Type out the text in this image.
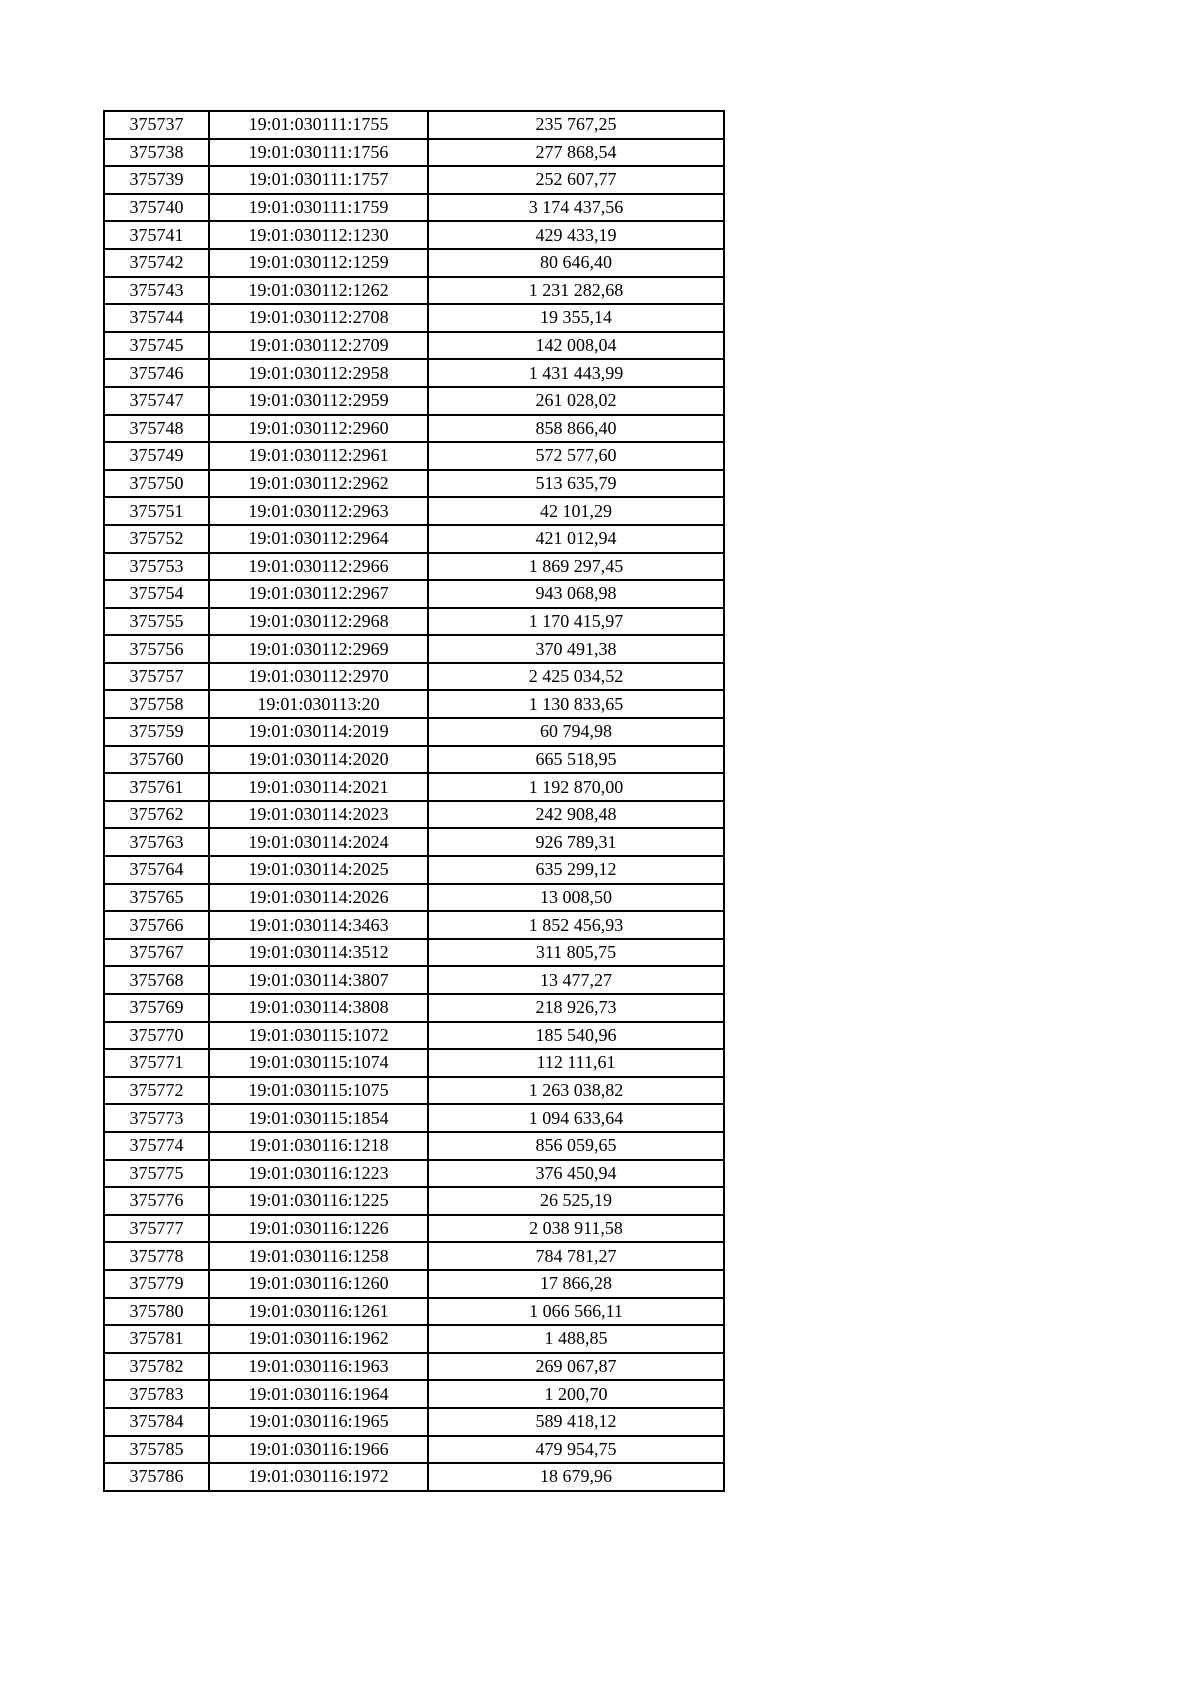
375737	19:01:030111:1755	235 767,25
375738	19:01:030111:1756	277 868,54
375739	19:01:030111:1757	252 607,77
375740	19:01:030111:1759	3 174 437,56
375741	19:01:030112:1230	429 433,19
375742	19:01:030112:1259	80 646,40
375743	19:01:030112:1262	1 231 282,68
375744	19:01:030112:2708	19 355,14
375745	19:01:030112:2709	142 008,04
375746	19:01:030112:2958	1 431 443,99
375747	19:01:030112:2959	261 028,02
375748	19:01:030112:2960	858 866,40
375749	19:01:030112:2961	572 577,60
375750	19:01:030112:2962	513 635,79
375751	19:01:030112:2963	42 101,29
375752	19:01:030112:2964	421 012,94
375753	19:01:030112:2966	1 869 297,45
375754	19:01:030112:2967	943 068,98
375755	19:01:030112:2968	1 170 415,97
375756	19:01:030112:2969	370 491,38
375757	19:01:030112:2970	2 425 034,52
375758	19:01:030113:20	1 130 833,65
375759	19:01:030114:2019	60 794,98
375760	19:01:030114:2020	665 518,95
375761	19:01:030114:2021	1 192 870,00
375762	19:01:030114:2023	242 908,48
375763	19:01:030114:2024	926 789,31
375764	19:01:030114:2025	635 299,12
375765	19:01:030114:2026	13 008,50
375766	19:01:030114:3463	1 852 456,93
375767	19:01:030114:3512	311 805,75
375768	19:01:030114:3807	13 477,27
375769	19:01:030114:3808	218 926,73
375770	19:01:030115:1072	185 540,96
375771	19:01:030115:1074	112 111,61
375772	19:01:030115:1075	1 263 038,82
375773	19:01:030115:1854	1 094 633,64
375774	19:01:030116:1218	856 059,65
375775	19:01:030116:1223	376 450,94
375776	19:01:030116:1225	26 525,19
375777	19:01:030116:1226	2 038 911,58
375778	19:01:030116:1258	784 781,27
375779	19:01:030116:1260	17 866,28
375780	19:01:030116:1261	1 066 566,11
375781	19:01:030116:1962	1 488,85
375782	19:01:030116:1963	269 067,87
375783	19:01:030116:1964	1 200,70
375784	19:01:030116:1965	589 418,12
375785	19:01:030116:1966	479 954,75
375786	19:01:030116:1972	18 679,96
